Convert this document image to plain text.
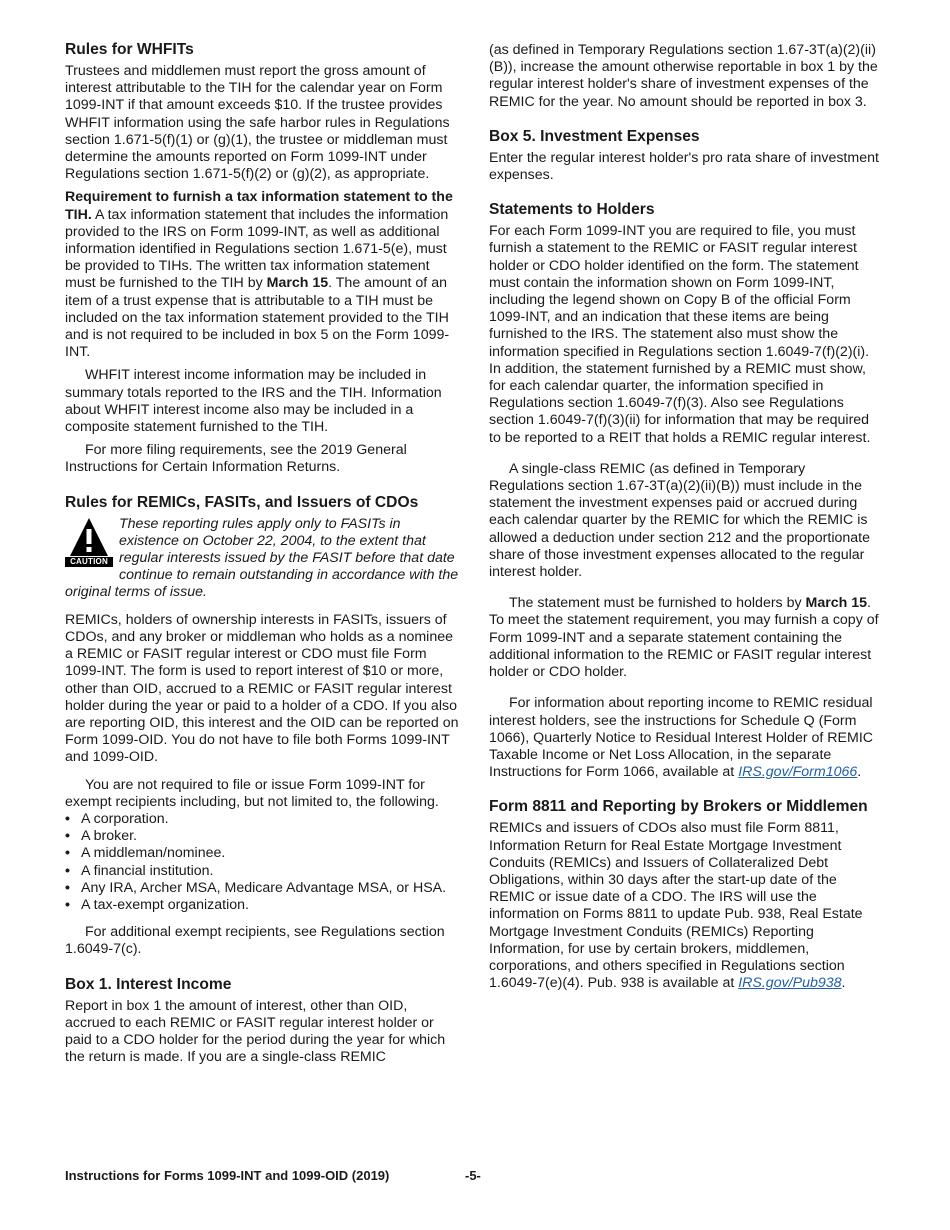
Rules for WHFITs

Trustees and middlemen must report the gross amount of interest attributable to the TIH for the calendar year on Form 1099-INT if that amount exceeds $10. If the trustee provides WHFIT information using the safe harbor rules in Regulations section 1.671-5(f)(1) or (g)(1), the trustee or middleman must determine the amounts reported on Form 1099-INT under Regulations section 1.671-5(f)(2) or (g)(2), as appropriate.

Requirement to furnish a tax information statement to the TIH. A tax information statement that includes the information provided to the IRS on Form 1099-INT, as well as additional information identified in Regulations section 1.671-5(e), must be provided to TIHs. The written tax information statement must be furnished to the TIH by March 15. The amount of an item of a trust expense that is attributable to a TIH must be included on the tax information statement provided to the TIH and is not required to be included in box 5 on the Form 1099-INT.

WHFIT interest income information may be included in summary totals reported to the IRS and the TIH. Information about WHFIT interest income also may be included in a composite statement furnished to the TIH.

For more filing requirements, see the 2019 General Instructions for Certain Information Returns.

Rules for REMICs, FASITs, and Issuers of CDOs
CAUTION
These reporting rules apply only to FASITs in existence on October 22, 2004, to the extent that regular interests issued by the FASIT before that date continue to remain outstanding in accordance with the original terms of issue.

REMICs, holders of ownership interests in FASITs, issuers of CDOs, and any broker or middleman who holds as a nominee a REMIC or FASIT regular interest or CDO must file Form 1099-INT. The form is used to report interest of $10 or more, other than OID, accrued to a REMIC or FASIT regular interest holder during the year or paid to a holder of a CDO. If you also are reporting OID, this interest and the OID can be reported on Form 1099-OID. You do not have to file both Forms 1099-INT and 1099-OID.

You are not required to file or issue Form 1099-INT for exempt recipients including, but not limited to, the following.

• A corporation.
• A broker.
• A middleman/nominee.
• A financial institution.
• Any IRA, Archer MSA, Medicare Advantage MSA, or HSA.
• A tax-exempt organization.

For additional exempt recipients, see Regulations section 1.6049-7(c).

Box 1. Interest Income

Report in box 1 the amount of interest, other than OID, accrued to each REMIC or FASIT regular interest holder or paid to a CDO holder for the period during the year for which the return is made. If you are a single-class REMIC

(as defined in Temporary Regulations section 1.67-3T(a)(2)(ii)(B)), increase the amount otherwise reportable in box 1 by the regular interest holder's share of investment expenses of the REMIC for the year. No amount should be reported in box 3.

Box 5. Investment Expenses

Enter the regular interest holder's pro rata share of investment expenses.

Statements to Holders

For each Form 1099-INT you are required to file, you must furnish a statement to the REMIC or FASIT regular interest holder or CDO holder identified on the form. The statement must contain the information shown on Form 1099-INT, including the legend shown on Copy B of the official Form 1099-INT, and an indication that these items are being furnished to the IRS. The statement also must show the information specified in Regulations section 1.6049-7(f)(2)(i). In addition, the statement furnished by a REMIC must show, for each calendar quarter, the information specified in Regulations section 1.6049-7(f)(3). Also see Regulations section 1.6049-7(f)(3)(ii) for information that may be required to be reported to a REIT that holds a REMIC regular interest.

A single-class REMIC (as defined in Temporary Regulations section 1.67-3T(a)(2)(ii)(B)) must include in the statement the investment expenses paid or accrued during each calendar quarter by the REMIC for which the REMIC is allowed a deduction under section 212 and the proportionate share of those investment expenses allocated to the regular interest holder.

The statement must be furnished to holders by March 15. To meet the statement requirement, you may furnish a copy of Form 1099-INT and a separate statement containing the additional information to the REMIC or FASIT regular interest holder or CDO holder.

For information about reporting income to REMIC residual interest holders, see the instructions for Schedule Q (Form 1066), Quarterly Notice to Residual Interest Holder of REMIC Taxable Income or Net Loss Allocation, in the separate Instructions for Form 1066, available at IRS.gov/Form1066.

Form 8811 and Reporting by Brokers or Middlemen

REMICs and issuers of CDOs also must file Form 8811, Information Return for Real Estate Mortgage Investment Conduits (REMICs) and Issuers of Collateralized Debt Obligations, within 30 days after the start-up date of the REMIC or issue date of a CDO. The IRS will use the information on Forms 8811 to update Pub. 938, Real Estate Mortgage Investment Conduits (REMICs) Reporting Information, for use by certain brokers, middlemen, corporations, and others specified in Regulations section 1.6049-7(e)(4). Pub. 938 is available at IRS.gov/Pub938.

Instructions for Forms 1099-INT and 1099-OID (2019)	-5-
